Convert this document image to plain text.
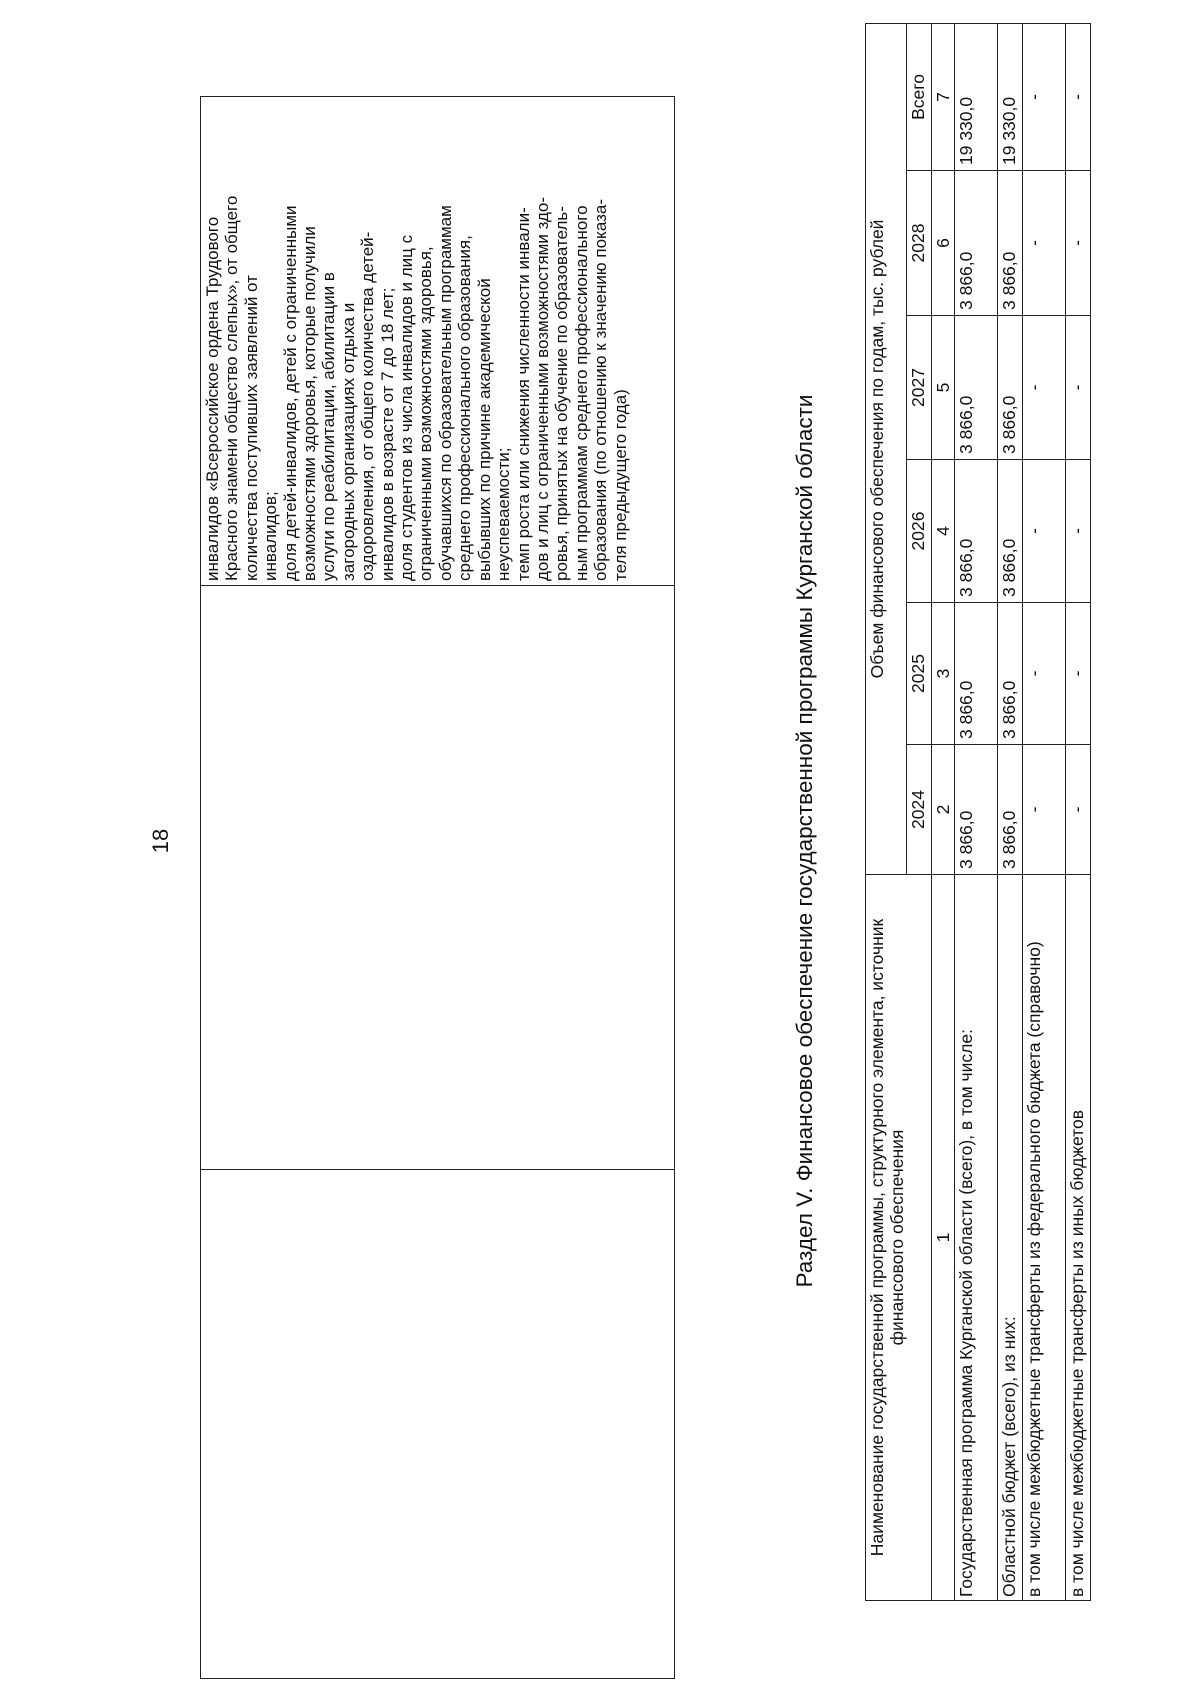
18

инвалидов «Всероссийское ордена Трудового
Красного знамени общество слепых», от общего
количества поступивших заявлений от
инвалидов;
доля детей-инвалидов, детей с ограниченными
возможностями здоровья, которые получили
услуги по реабилитации, абилитации в
загородных организациях отдыха и
оздоровления, от общего количества детей-
инвалидов в возрасте от 7 до 18 лет;
доля студентов из числа инвалидов и лиц с
ограниченными возможностями здоровья,
обучавшихся по образовательным программам
среднего профессионального образования,
выбывших по причине академической
неуспеваемости;
темп роста или снижения численности инвали-
дов и лиц с ограниченными возможностями здо-
ровья, принятых на обучение по образователь-
ным программам среднего профессионального
образования (по отношению к значению показа-
теля предыдущего года)	Раздел V. Финансовое обеспечение государственной программы Курганской области	Наименование государственной программы, структурного элемента, источник финансового обеспечения	Объем финансового обеспечения по годам, тыс. рублей					
	2024	2025	2026	2027	2028	Всего
1	2	3	4	5	6	7
Государственная программа Курганской области (всего), в том числе:	3 866,0	3 866,0	3 866,0	3 866,0	3 866,0	19 330,0
Областной бюджет (всего), из них:	3 866,0	3 866,0	3 866,0	3 866,0	3 866,0	19 330,0
в том числе межбюджетные трансферты из федерального бюджета (справочно)	-	-	-	-	-	-
в том числе межбюджетные трансферты из иных бюджетов	-	-	-	-	-	-
